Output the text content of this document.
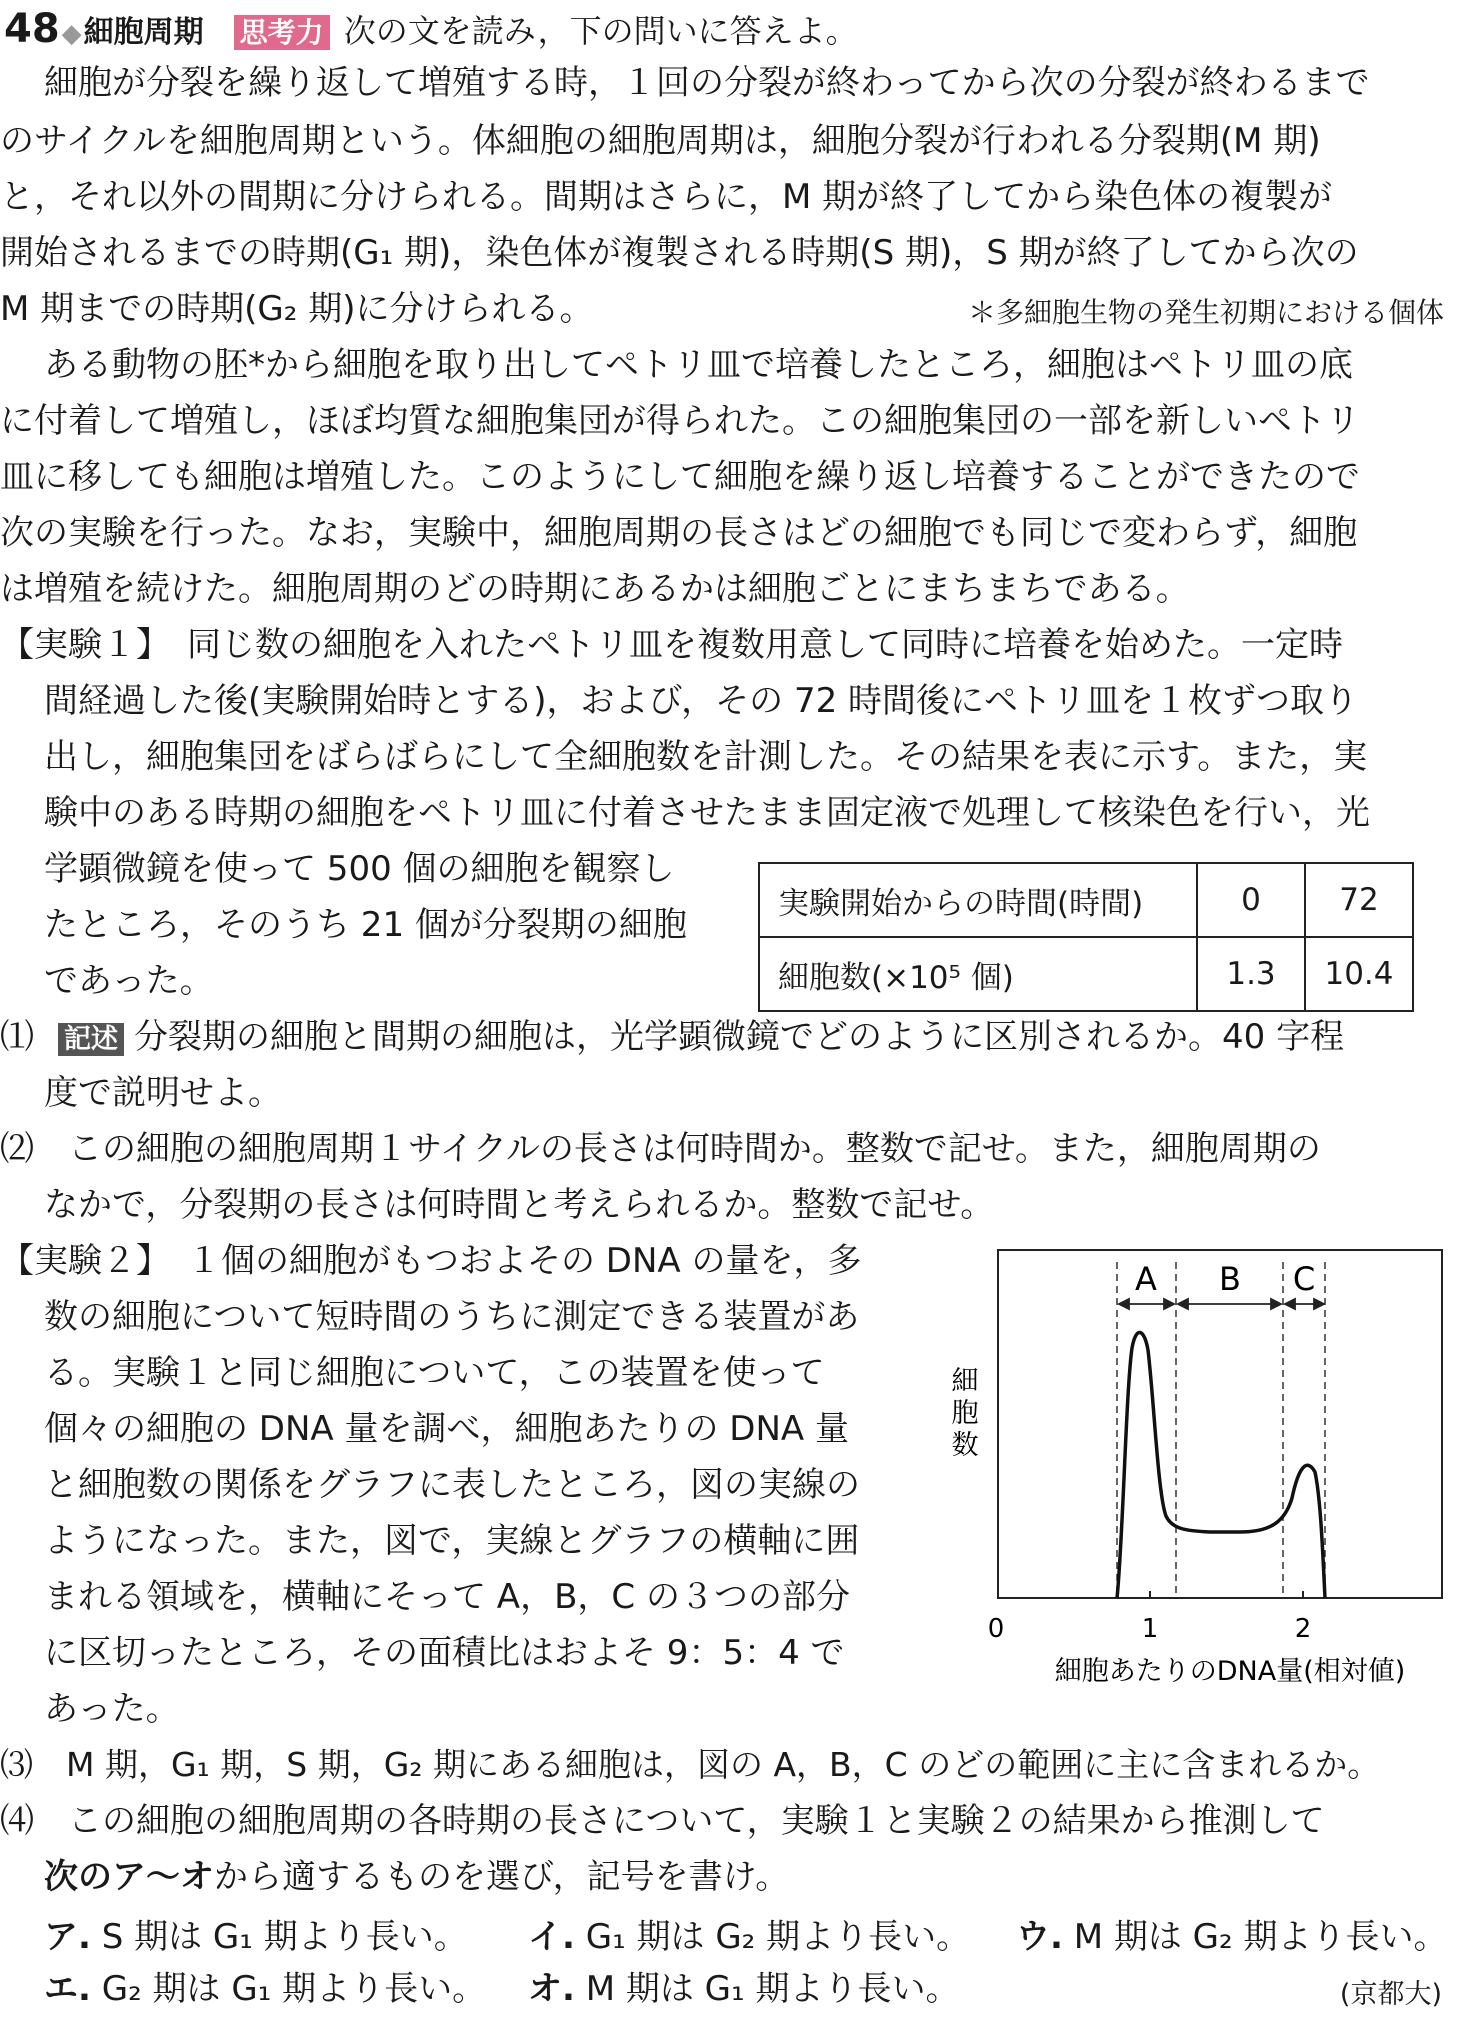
48◆細胞周期 思考力 次の文を読み，下の問いに答えよ。
細胞が分裂を繰り返して増殖する時，１回の分裂が終わってから次の分裂が終わるまで
のサイクルを細胞周期という。体細胞の細胞周期は，細胞分裂が行われる分裂期(M 期)
と，それ以外の間期に分けられる。間期はさらに，M 期が終了してから染色体の複製が
開始されるまでの時期(G₁ 期)，染色体が複製される時期(S 期)，S 期が終了してから次の
M 期までの時期(G₂ 期)に分けられる。	＊多細胞生物の発生初期における個体
ある動物の胚*から細胞を取り出してペトリ皿で培養したところ，細胞はペトリ皿の底
に付着して増殖し，ほぼ均質な細胞集団が得られた。この細胞集団の一部を新しいペトリ
皿に移しても細胞は増殖した。このようにして細胞を繰り返し培養することができたので
次の実験を行った。なお，実験中，細胞周期の長さはどの細胞でも同じで変わらず，細胞
は増殖を続けた。細胞周期のどの時期にあるかは細胞ごとにまちまちである。
【実験１】　同じ数の細胞を入れたペトリ皿を複数用意して同時に培養を始めた。一定時
間経過した後(実験開始時とする)，および，その 72 時間後にペトリ皿を１枚ずつ取り
出し，細胞集団をばらばらにして全細胞数を計測した。その結果を表に示す。また，実
験中のある時期の細胞をペトリ皿に付着させたまま固定液で処理して核染色を行い，光
学顕微鏡を使って 500 個の細胞を観察し
たところ，そのうち 21 個が分裂期の細胞
であった。
実験開始からの時間(時間)	0	72
細胞数(×10⁵ 個)	1.3	10.4
⑴ 記述 分裂期の細胞と間期の細胞は，光学顕微鏡でどのように区別されるか。40 字程
度で説明せよ。
⑵　この細胞の細胞周期１サイクルの長さは何時間か。整数で記せ。また，細胞周期の
なかで，分裂期の長さは何時間と考えられるか。整数で記せ。
【実験２】　１個の細胞がもつおよその DNA の量を，多
数の細胞について短時間のうちに測定できる装置があ
る。実験１と同じ細胞について，この装置を使って
個々の細胞の DNA 量を調べ，細胞あたりの DNA 量
と細胞数の関係をグラフに表したところ，図の実線の
ようになった。また，図で，実線とグラフの横軸に囲
まれる領域を，横軸にそって A，B，C の３つの部分
に区切ったところ，その面積比はおよそ 9：5：4 で
あった。
A B C
0	1	2
細胞あたりのDNA量(相対値)
細
胞
数
⑶　M 期，G₁ 期，S 期，G₂ 期にある細胞は，図の A，B，C のどの範囲に主に含まれるか。
⑷　この細胞の細胞周期の各時期の長さについて，実験１と実験２の結果から推測して
次のア～オから適するものを選び，記号を書け。
ア. S 期は G₁ 期より長い。 イ. G₁ 期は G₂ 期より長い。 ウ. M 期は G₂ 期より長い。
エ. G₂ 期は G₁ 期より長い。 オ. M 期は G₁ 期より長い。	(京都大)
